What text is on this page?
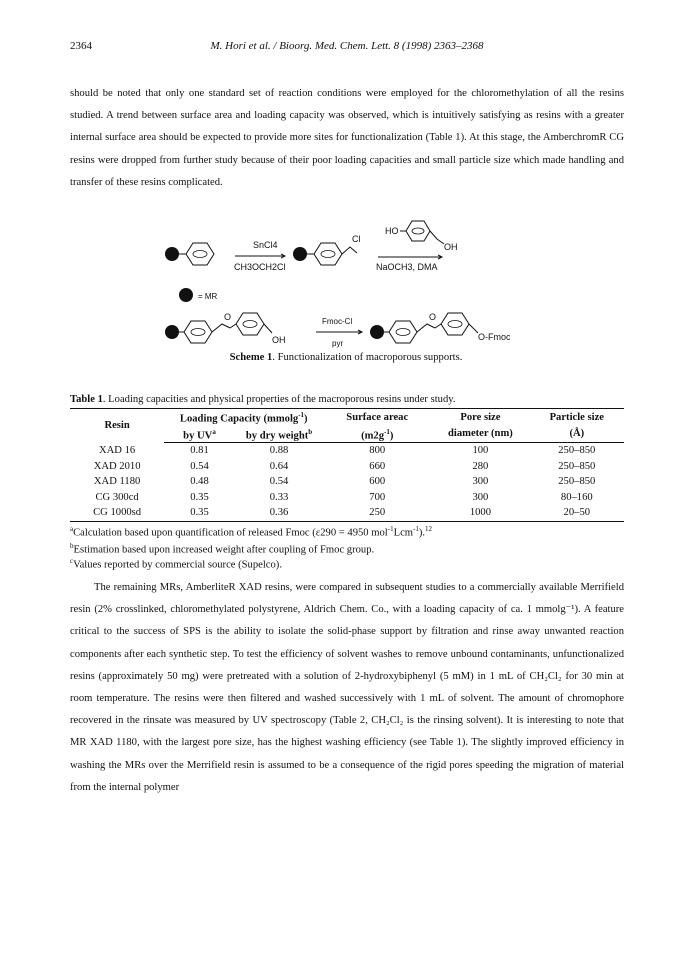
2364	M. Hori et al. / Bioorg. Med. Chem. Lett. 8 (1998) 2363–2368

should be noted that only one standard set of reaction conditions were employed for the chloromethylation of all the resins studied. A trend between surface area and loading capacity was observed, which is intuitively satisfying as resins with a greater internal surface area should be expected to provide more sites for functionalization (Table 1). At this stage, the AmberchromR CG resins were dropped from further study because of their poor loading capacities and small particle size which made handling and transfer of these resins complicated.

SnCl4
CH3OCH2Cl
Cl
HO
OH
NaOCH3, DMA
= MR
O
OH
Fmoc-Cl
pyr
O
O-Fmoc
Scheme 1. Functionalization of macroporous supports.
Table 1. Loading capacities and physical properties of the macroporous resins under study.
Resin	Loading Capacity (mmolg$^{-1}$)		Surface areac	Pore size	Particle size
	by $UV^a$	by dry weight$^b$	$(m2g^{-1})$	diameter (nm)	(Å)
XAD 16	0.81	0.88	800	100	250–850
XAD 2010	0.54	0.64	660	280	250–850
XAD 1180	0.48	0.54	600	300	250–850
CG 300cd	0.35	0.33	700	300	80–160
CG 1000sd	0.35	0.36	250	1000	20–50
$^a$Calculation based upon quantification of released Fmoc (ε290 = 4950 mol$^{-1}$Lcm$^{-1}$).$^{12}$
$^b$Estimation based upon increased weight after coupling of Fmoc group.
$^c$Values reported by commercial source (Supelco).

The remaining MRs, AmberliteR XAD resins, were compared in subsequent studies to a commercially available Merrifield resin (2% crosslinked, chloromethylated polystyrene, Aldrich Chem. Co., with a loading capacity of ca. 1 mmolg⁻¹). A feature critical to the success of SPS is the ability to isolate the solid-phase support by filtration and rinse away unwanted reaction components after each synthetic step. To test the efficiency of solvent washes to remove unbound contaminants, unfunctionalized resins (approximately 50 mg) were pretreated with a solution of 2-hydroxybiphenyl (5 mM) in 1 mL of CH₂Cl₂ for 30 min at room temperature. The resins were then filtered and washed successively with 1 mL of solvent. The amount of chromophore recovered in the rinsate was measured by UV spectroscopy (Table 2, CH₂Cl₂ is the rinsing solvent). It is interesting to note that MR XAD 1180, with the largest pore size, has the highest washing efficiency (see Table 1). The slightly improved efficiency in washing the MRs over the Merrifield resin is assumed to be a consequence of the rigid pores speeding the migration of material from the internal polymer
